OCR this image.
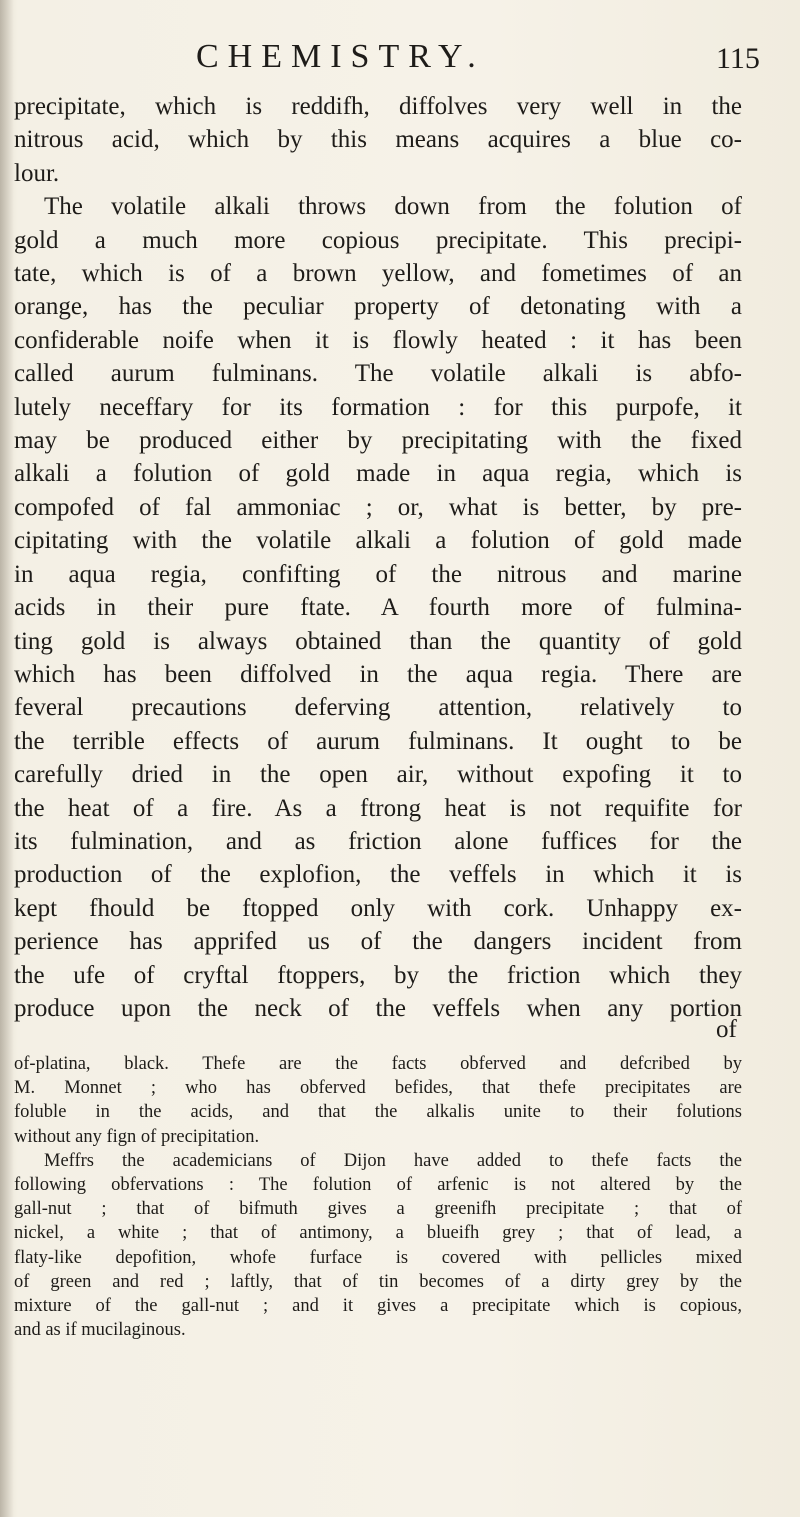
CHEMISTRY.	115
precipitate, which is reddifh, diffolves very well in the
nitrous acid, which by this means acquires a blue co-
lour.
The volatile alkali throws down from the folution of
gold a much more copious precipitate. This precipi-
tate, which is of a brown yellow, and fometimes of an
orange, has the peculiar property of detonating with a
confiderable noife when it is flowly heated : it has been
called aurum fulminans. The volatile alkali is abfo-
lutely neceffary for its formation : for this purpofe, it
may be produced either by precipitating with the fixed
alkali a folution of gold made in aqua regia, which is
compofed of fal ammoniac ; or, what is better, by pre-
cipitating with the volatile alkali a folution of gold made
in aqua regia, confifting of the nitrous and marine
acids in their pure ftate. A fourth more of fulmina-
ting gold is always obtained than the quantity of gold
which has been diffolved in the aqua regia. There are
feveral precautions deferving attention, relatively to
the terrible effects of aurum fulminans. It ought to be
carefully dried in the open air, without expofing it to
the heat of a fire. As a ftrong heat is not requifite for
its fulmination, and as friction alone fuffices for the
production of the explofion, the veffels in which it is
kept fhould be ftopped only with cork. Unhappy ex-
perience has apprifed us of the dangers incident from
the ufe of cryftal ftoppers, by the friction which they
produce upon the neck of the veffels when any portion
of
of-platina, black. Thefe are the facts obferved and defcribed by
M. Monnet ; who has obferved befides, that thefe precipitates are
foluble in the acids, and that the alkalis unite to their folutions
without any fign of precipitation.
Meffrs the academicians of Dijon have added to thefe facts the
following obfervations : The folution of arfenic is not altered by the
gall-nut ; that of bifmuth gives a greenifh precipitate ; that of
nickel, a white ; that of antimony, a blueifh grey ; that of lead, a
flaty-like depofition, whofe furface is covered with pellicles mixed
of green and red ; laftly, that of tin becomes of a dirty grey by the
mixture of the gall-nut ; and it gives a precipitate which is copious,
and as if mucilaginous.
